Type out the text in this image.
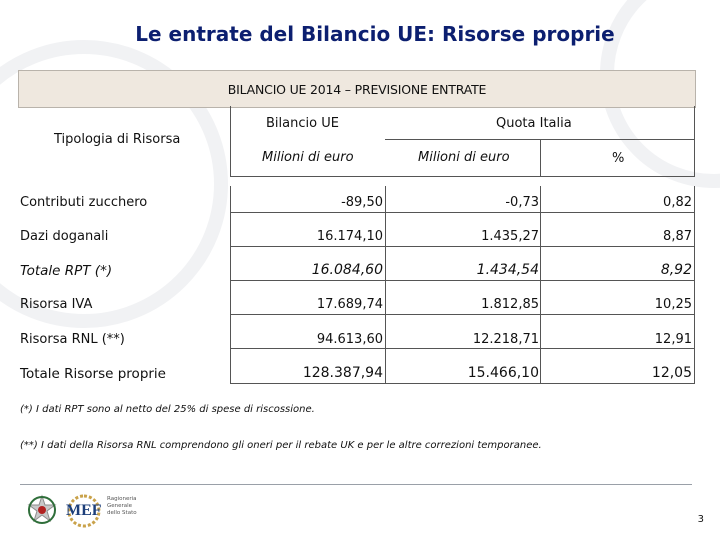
Le entrate del Bilancio UE: Risorse proprie
BILANCIO UE 2014 – PREVISIONE ENTRATE
Tipologia di Risorsa
Bilancio UE	Quota Italia
Milioni di euro	Milioni di euro	%
Contributi zucchero	-89,50	-0,73	0,82
Dazi doganali	16.174,10	1.435,27	8,87
Totale RPT (*)	16.084,60	1.434,54	8,92
Risorsa IVA	17.689,74	1.812,85	10,25
Risorsa RNL (**)	94.613,60	12.218,71	12,91
Totale Risorse proprie	128.387,94	15.466,10	12,05
(*) I dati RPT sono al netto del 25% di spese di riscossione.
(**) I dati della Risorsa RNL comprendono gli oneri per il rebate UK e per le altre correzioni temporanee.
MEF
Ragioneria Generale dello Stato
3
